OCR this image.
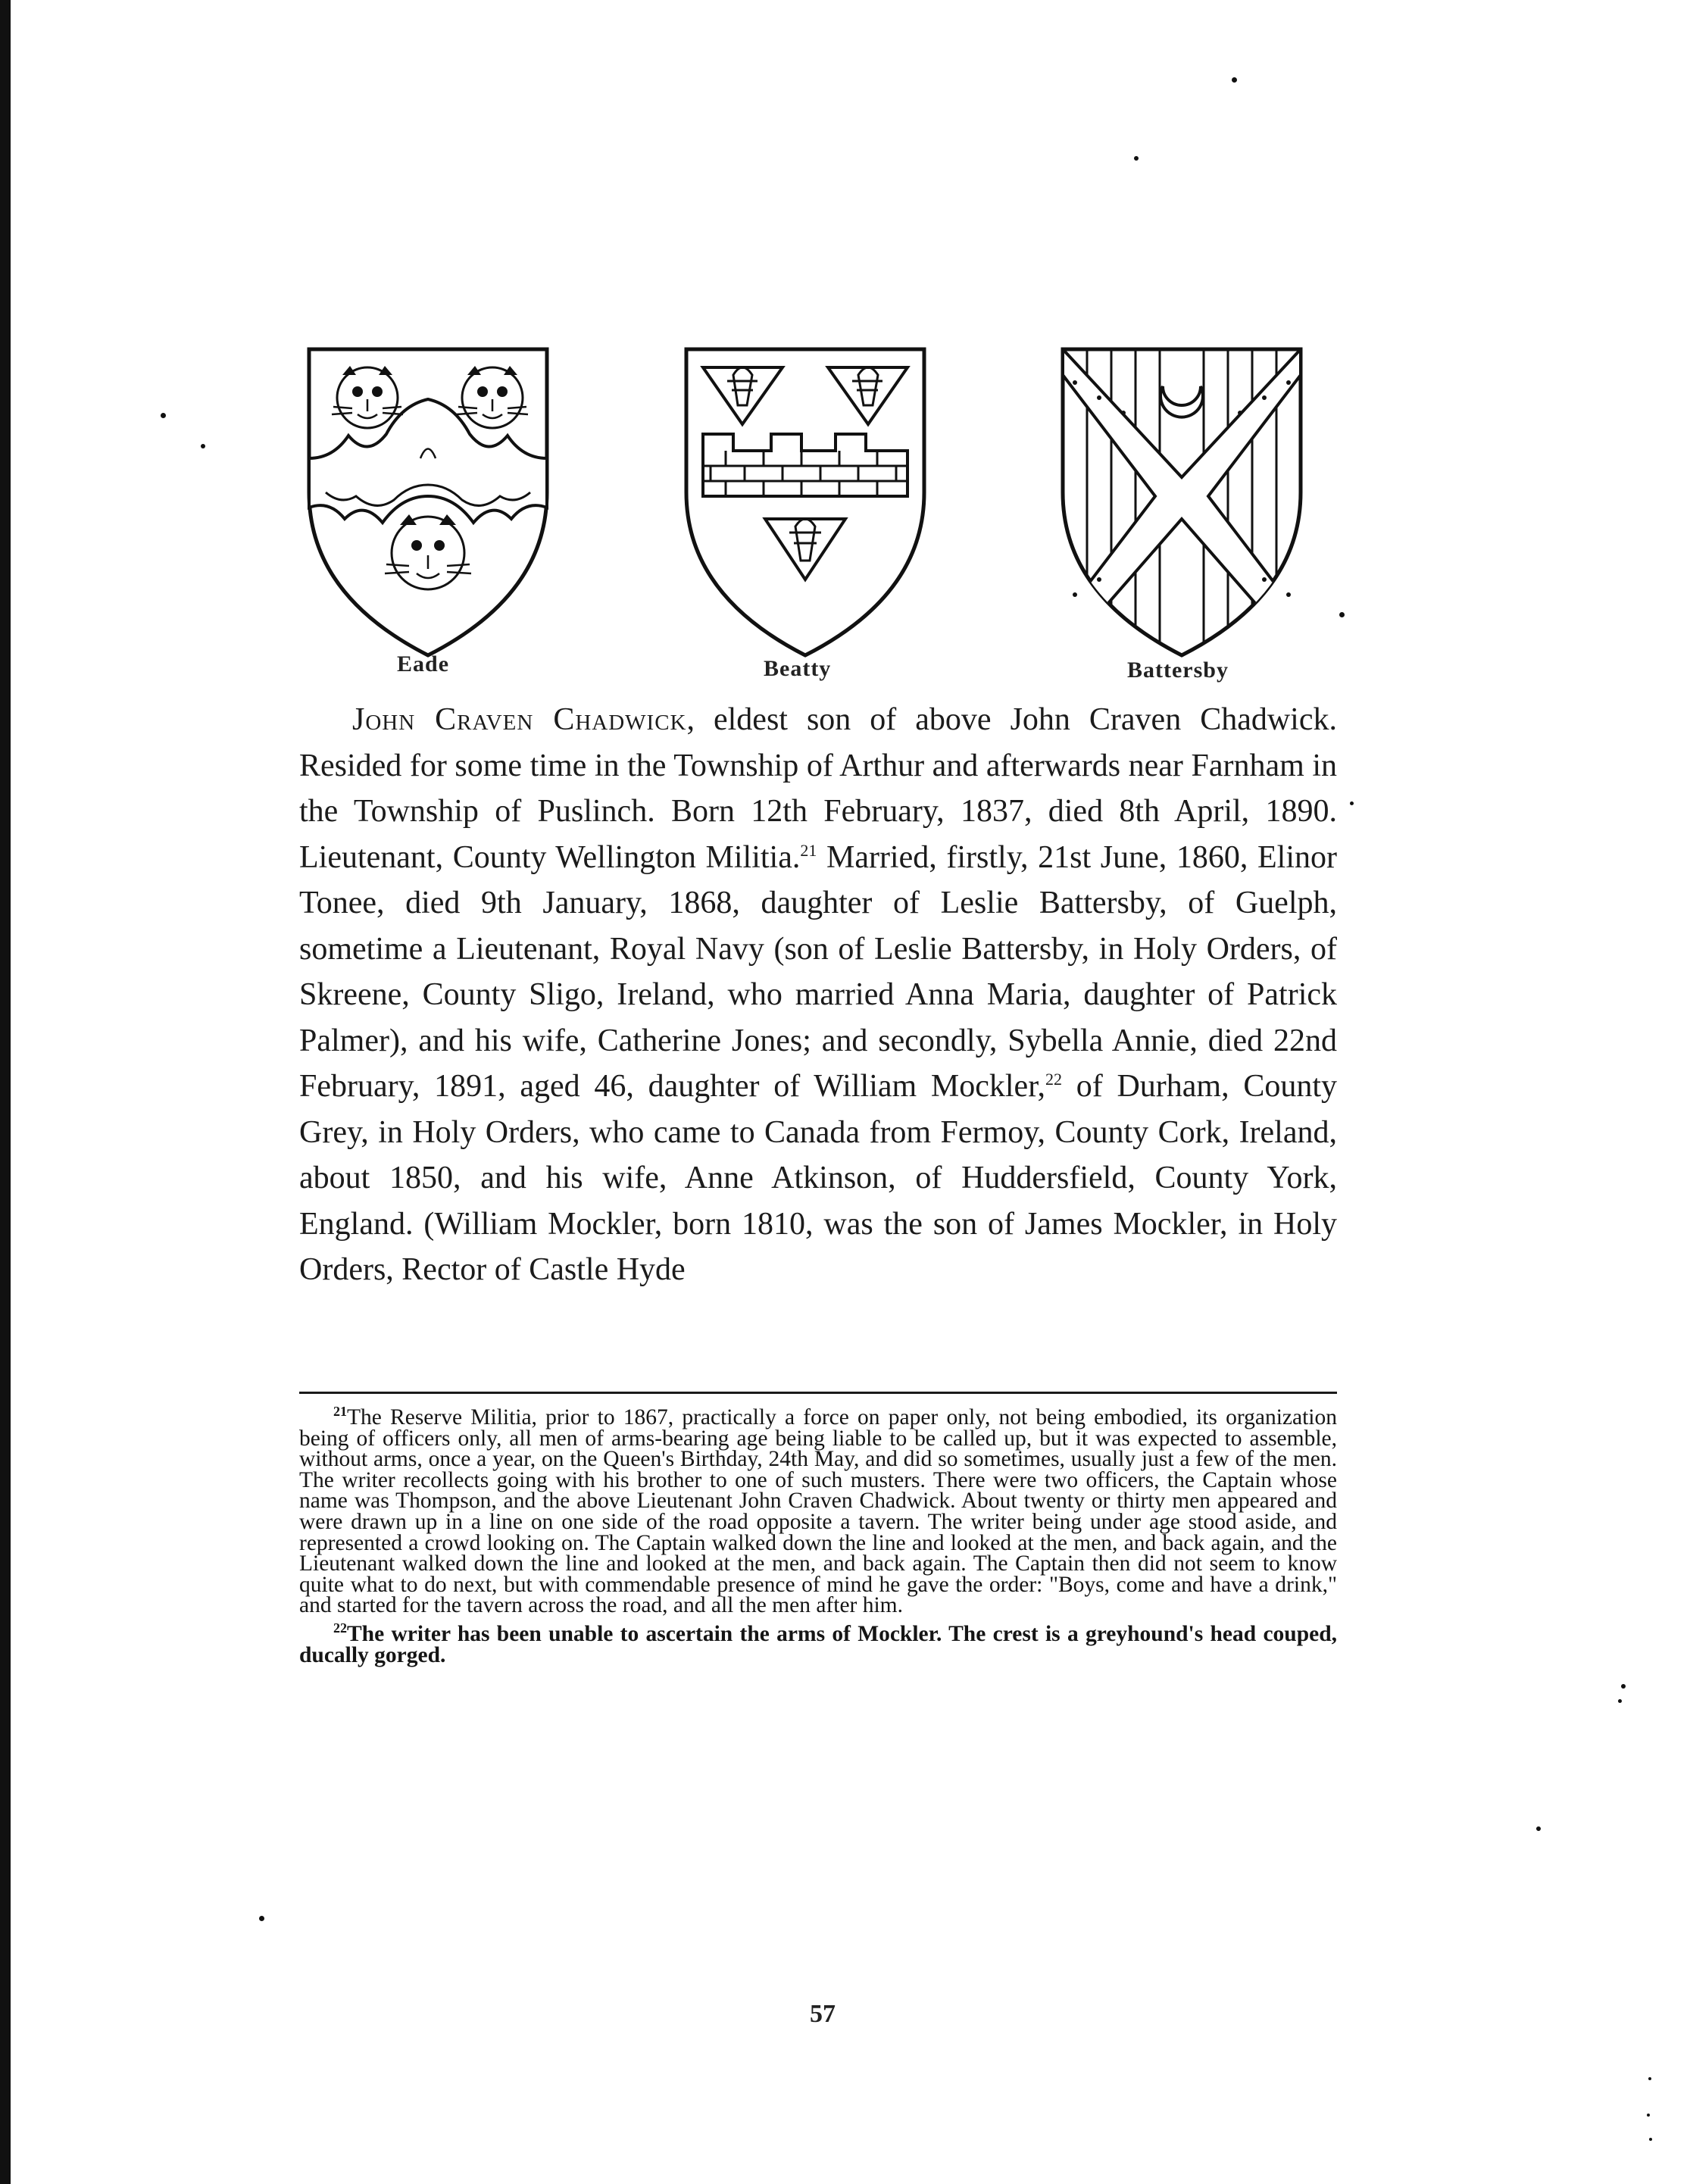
Eade	Beatty	Battersby
John Craven Chadwick, eldest son of above John Craven Chadwick. Resided for some time in the Township of Arthur and afterwards near Farnham in the Township of Puslinch. Born 12th February, 1837, died 8th April, 1890. Lieutenant, County Wellington Militia.$^{21}$ Married, firstly, 21st June, 1860, Elinor Tonee, died 9th January, 1868, daughter of Leslie Battersby, of Guelph, sometime a Lieutenant, Royal Navy (son of Leslie Battersby, in Holy Orders, of Skreene, County Sligo, Ireland, who married Anna Maria, daughter of Patrick Palmer), and his wife, Catherine Jones; and secondly, Sybella Annie, died 22nd February, 1891, aged 46, daughter of William Mockler,$^{22}$ of Durham, County Grey, in Holy Orders, who came to Canada from Fermoy, County Cork, Ireland, about 1850, and his wife, Anne Atkinson, of Huddersfield, County York, England. (William Mockler, born 1810, was the son of James Mockler, in Holy Orders, Rector of Castle Hyde

$^{21}$The Reserve Militia, prior to 1867, practically a force on paper only, not being embodied, its organization being of officers only, all men of arms-bearing age being liable to be called up, but it was expected to assemble, without arms, once a year, on the Queen's Birthday, 24th May, and did so sometimes, usually just a few of the men. The writer recollects going with his brother to one of such musters. There were two officers, the Captain whose name was Thompson, and the above Lieutenant John Craven Chadwick. About twenty or thirty men appeared and were drawn up in a line on one side of the road opposite a tavern. The writer being under age stood aside, and represented a crowd looking on. The Captain walked down the line and looked at the men, and back again, and the Lieutenant walked down the line and looked at the men, and back again. The Captain then did not seem to know quite what to do next, but with commendable presence of mind he gave the order: "Boys, come and have a drink," and started for the tavern across the road, and all the men after him.

$^{22}$The writer has been unable to ascertain the arms of Mockler. The crest is a greyhound's head couped, ducally gorged.

57
